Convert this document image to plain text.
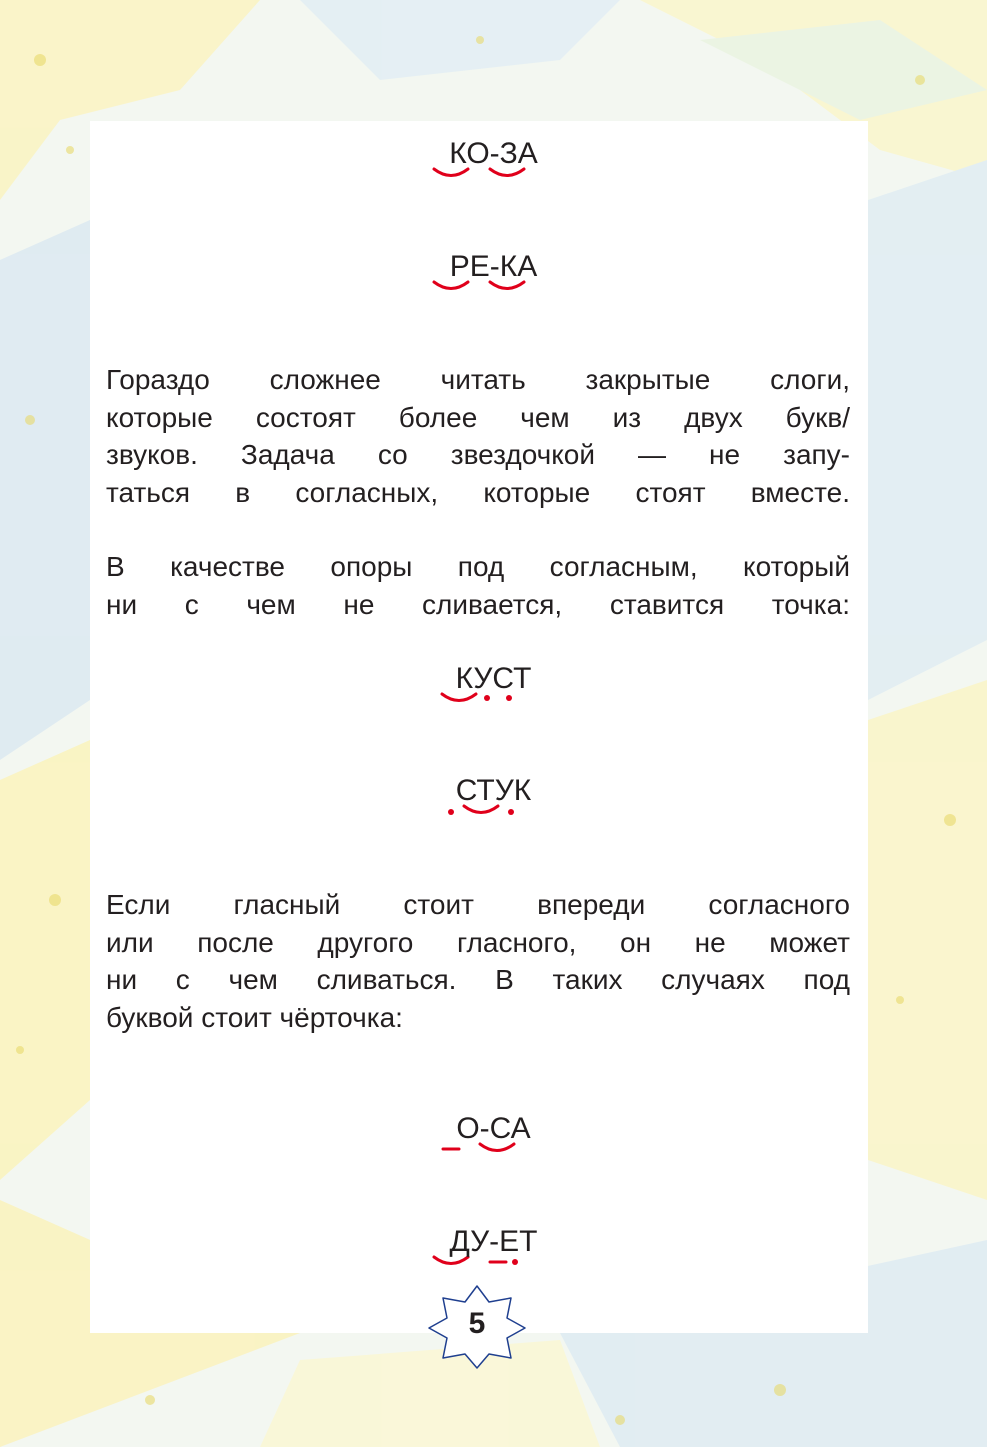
КО-ЗА
РЕ-КА

Гораздо сложнее читать закрытые слоги,
которые состоят более чем из двух букв/
звуков. Задача со звездочкой — не запу-
таться в согласных, которые стоят вместе.

В качестве опоры под согласным, который
ни с чем не сливается, ставится точка:

КУСТ
СТУК

Если гласный стоит впереди согласного
или после другого гласного, он не может
ни с чем сливаться. В таких случаях под
буквой стоит чёрточка:

О-СА
ДУ-ЕТ
5
